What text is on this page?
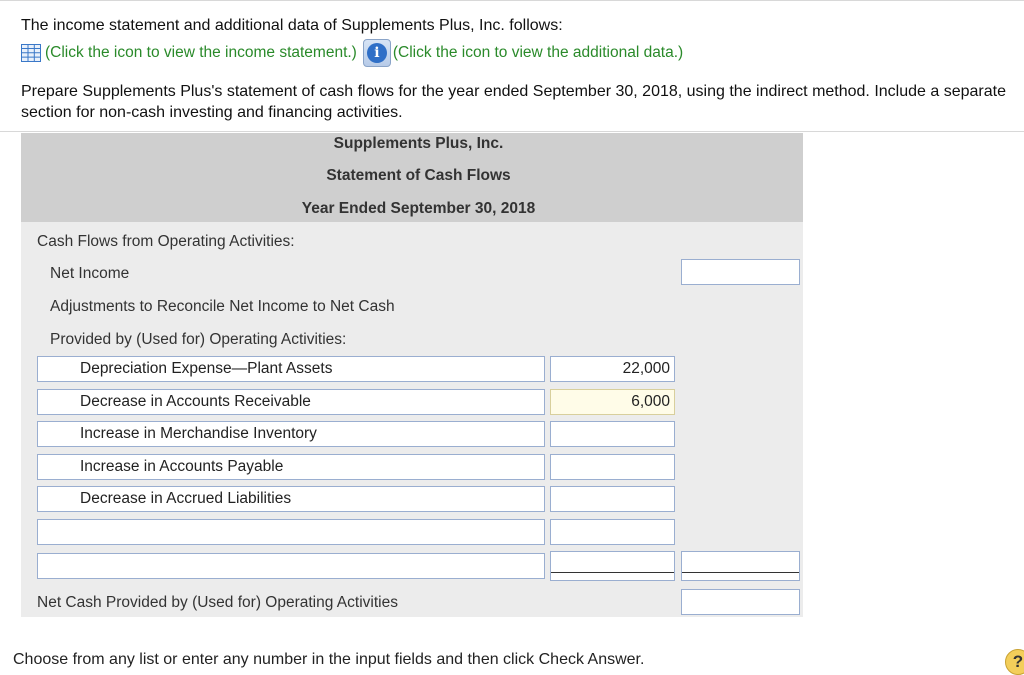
The income statement and additional data of Supplements Plus, Inc. follows:
(Click the icon to view the income statement.)	i (Click the icon to view the additional data.)
Prepare Supplements Plus's statement of cash flows for the year ended September 30, 2018, using the indirect method. Include a separate section for non-cash investing and financing activities.
Supplements Plus, Inc.
Statement of Cash Flows
Year Ended September 30, 2018
Cash Flows from Operating Activities:
Net Income
Adjustments to Reconcile Net Income to Net Cash
Provided by (Used for) Operating Activities:
Depreciation Expense—Plant Assets
22,000
Decrease in Accounts Receivable
6,000
Increase in Merchandise Inventory
Increase in Accounts Payable
Decrease in Accrued Liabilities
Net Cash Provided by (Used for) Operating Activities
Choose from any list or enter any number in the input fields and then click Check Answer.	?
